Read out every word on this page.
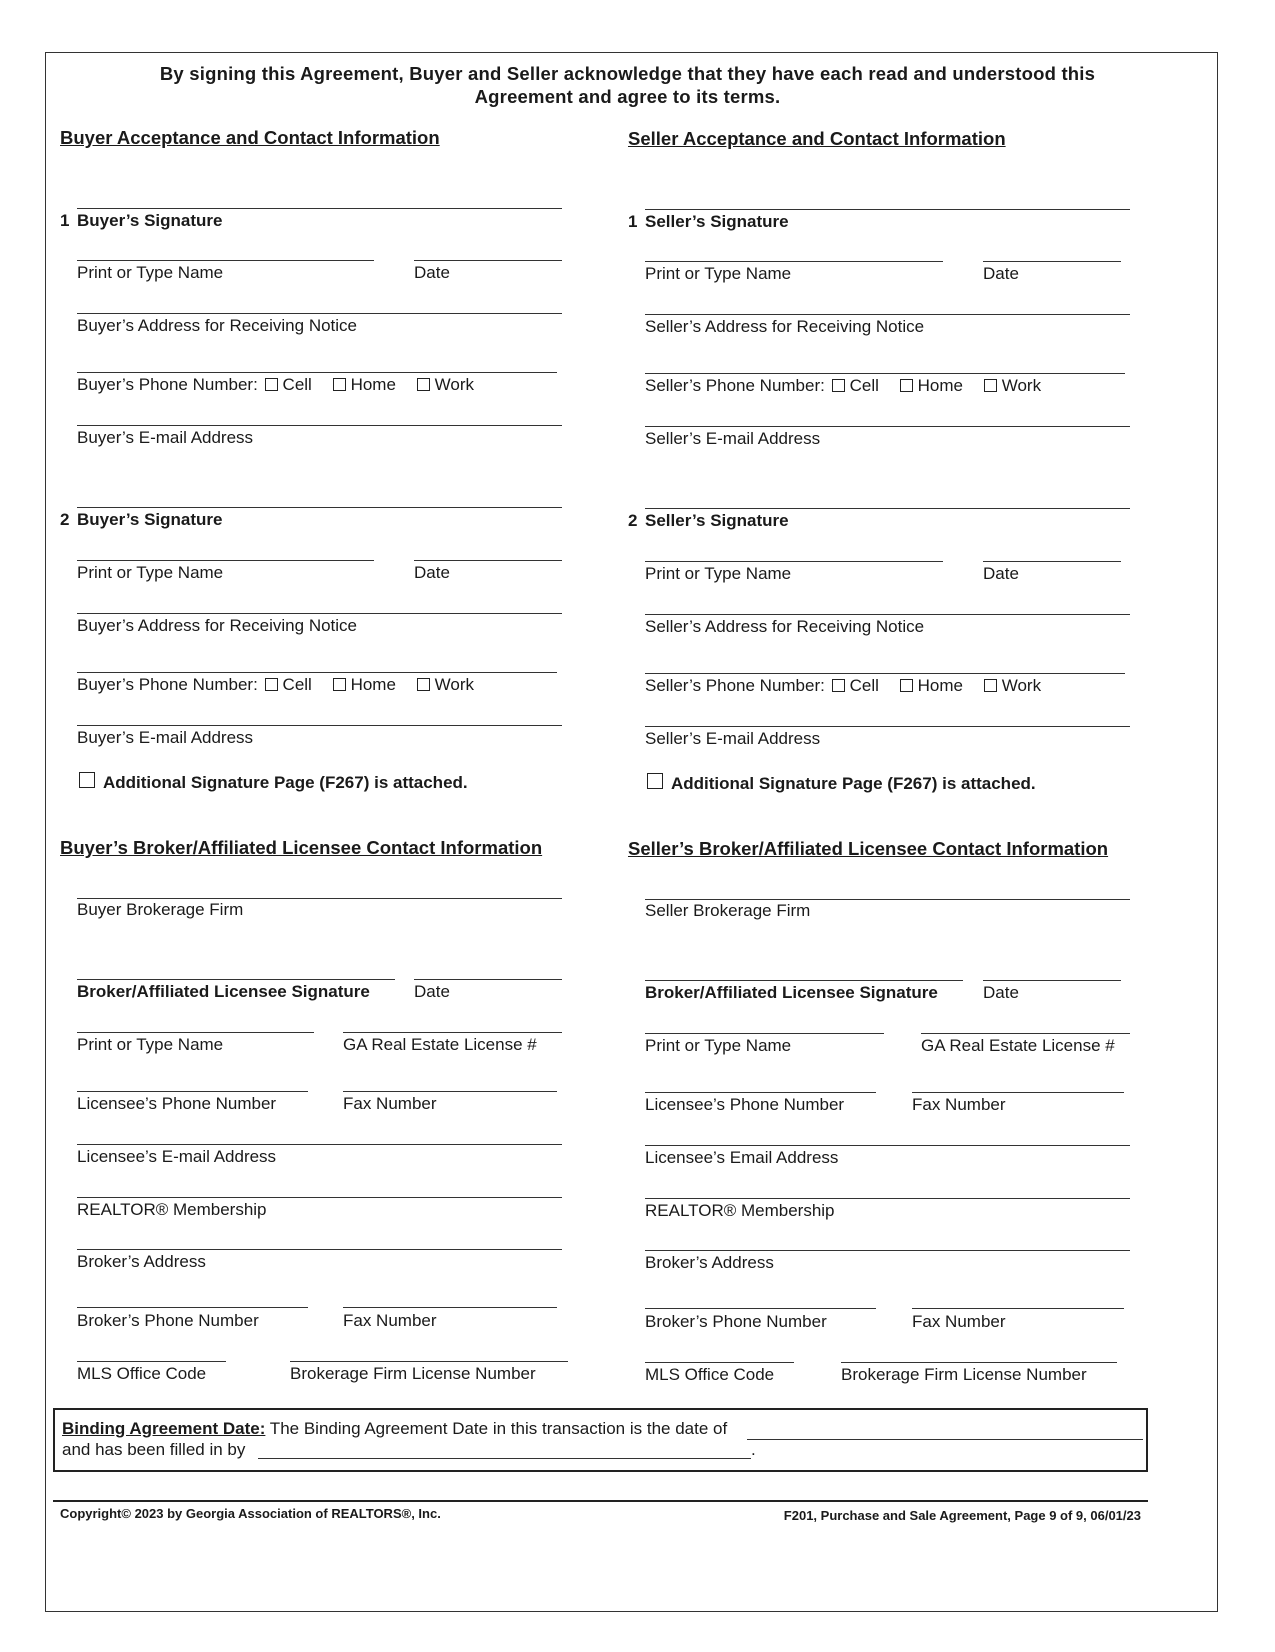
By signing this Agreement, Buyer and Seller acknowledge that they have each read and understood this
Agreement and agree to its terms.
Buyer Acceptance and Contact Information
1 Buyer’s Signature
Print or Type Name	Date
Buyer’s Address for Receiving Notice
Buyer’s Phone Number: Cell Home Work
Buyer’s E-mail Address
2 Buyer’s Signature
Print or Type Name	Date
Buyer’s Address for Receiving Notice
Buyer’s Phone Number: Cell Home Work
Buyer’s E-mail Address
Additional Signature Page (F267) is attached.
Buyer’s Broker/Affiliated Licensee Contact Information
Buyer Brokerage Firm
Broker/Affiliated Licensee Signature	Date
Print or Type Name	GA Real Estate License #
Licensee’s Phone Number	Fax Number
Licensee’s E-mail Address
REALTOR® Membership
Broker’s Address
Broker’s Phone Number	Fax Number
MLS Office Code	Brokerage Firm License Number
Seller Acceptance and Contact Information
1 Seller’s Signature
Print or Type Name	Date
Seller’s Address for Receiving Notice
Seller’s Phone Number: Cell Home Work
Seller’s E-mail Address
2 Seller’s Signature
Print or Type Name	Date
Seller’s Address for Receiving Notice
Seller’s Phone Number: Cell Home Work
Seller’s E-mail Address
Additional Signature Page (F267) is attached.
Seller’s Broker/Affiliated Licensee Contact Information
Seller Brokerage Firm
Broker/Affiliated Licensee Signature	Date
Print or Type Name	GA Real Estate License #
Licensee’s Phone Number	Fax Number
Licensee’s Email Address
REALTOR® Membership
Broker’s Address
Broker’s Phone Number	Fax Number
MLS Office Code	Brokerage Firm License Number
Binding Agreement Date: The Binding Agreement Date in this transaction is the date of
and has been filled in by	.
Copyright© 2023 by Georgia Association of REALTORS®, Inc.	F201, Purchase and Sale Agreement, Page 9 of 9, 06/01/23
